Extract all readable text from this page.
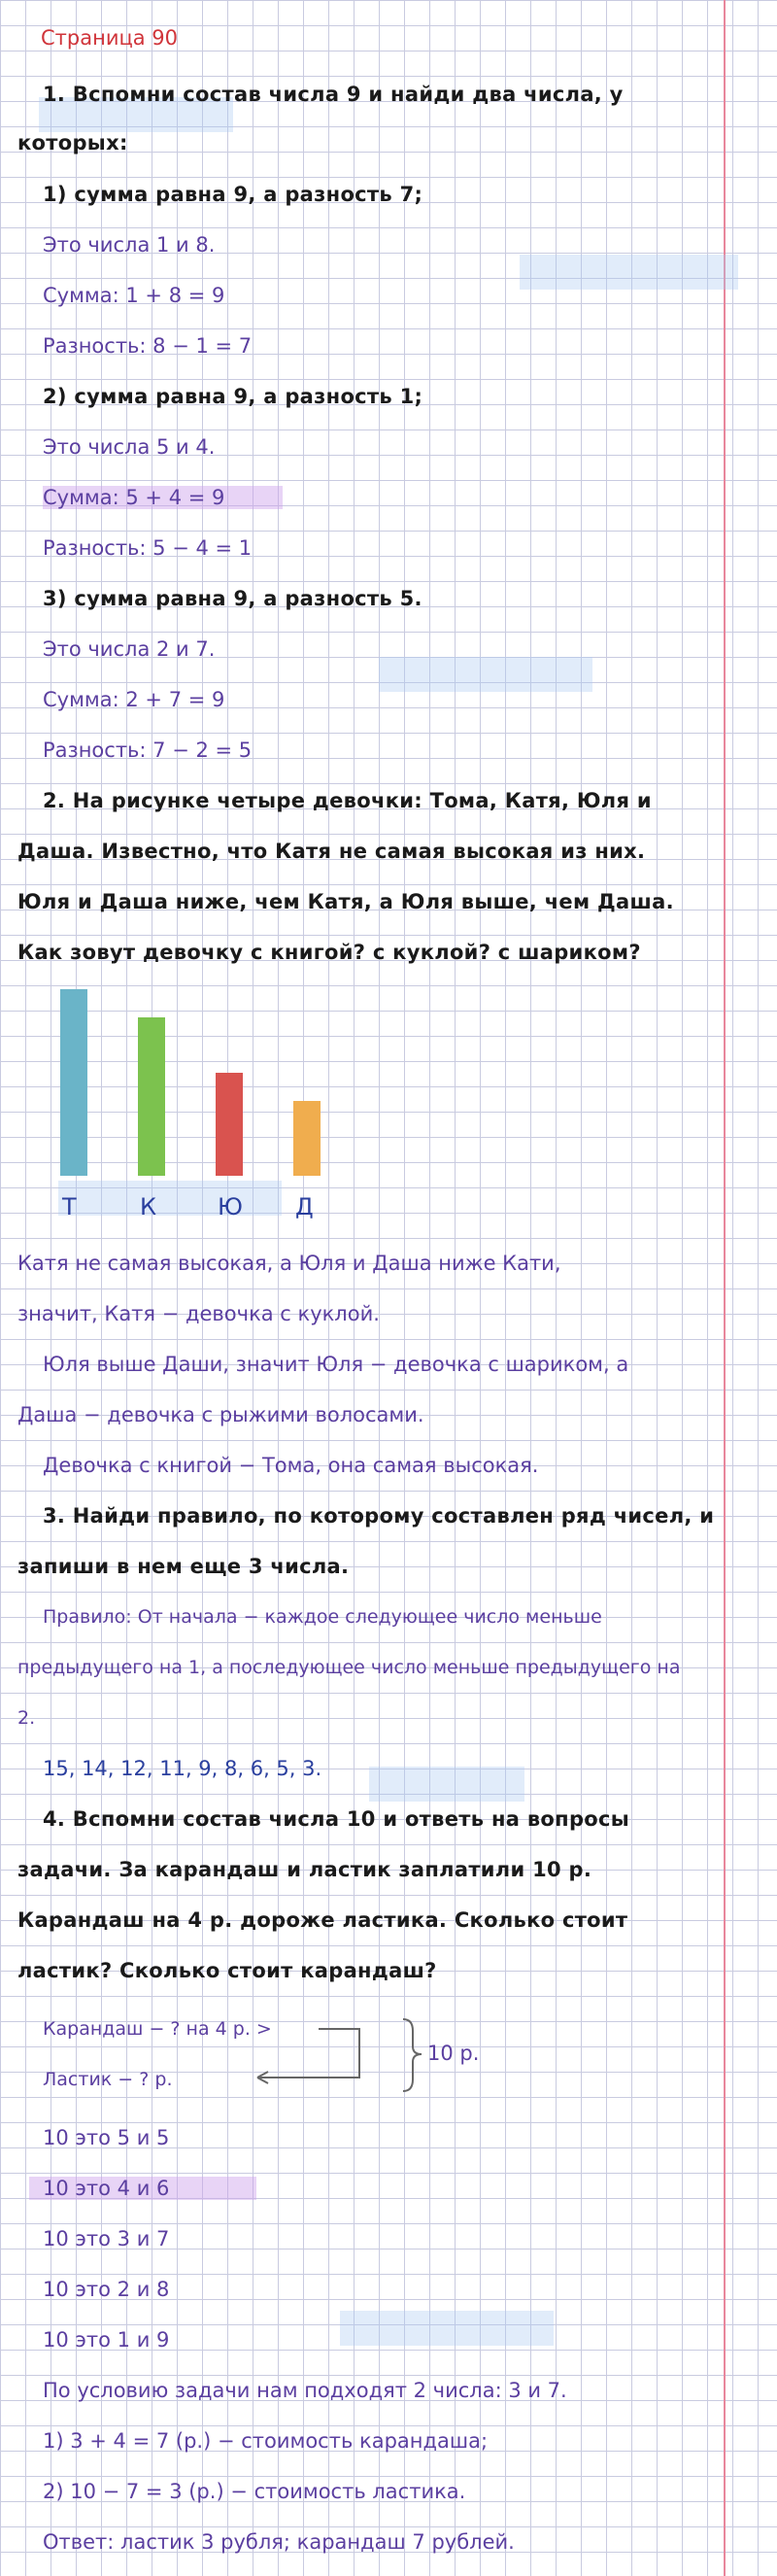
Страница 90
1. Вспомни состав числа 9 и найди два числа, у
которых:
1) сумма равна 9, а разность 7;
Это числа 1 и 8.
Сумма: 1 + 8 = 9
Разность: 8 − 1 = 7
2) сумма равна 9, а разность 1;
Это числа 5 и 4.
Сумма: 5 + 4 = 9
Разность: 5 − 4 = 1
3) сумма равна 9, а разность 5.
Это числа 2 и 7.
Сумма: 2 + 7 = 9
Разность: 7 − 2 = 5
2. На рисунке четыре девочки: Тома, Катя, Юля и
Даша. Известно, что Катя не самая высокая из них.
Юля и Даша ниже, чем Катя, а Юля выше, чем Даша.
Как зовут девочку с книгой? с куклой? с шариком?
Т	К	Ю Д
Катя не самая высокая, а Юля и Даша ниже Кати,
значит, Катя − девочка с куклой.
Юля выше Даши, значит Юля − девочка с шариком, а
Даша − девочка с рыжими волосами.
Девочка с книгой − Тома, она самая высокая.
3. Найди правило, по которому составлен ряд чисел, и
запиши в нем еще 3 числа.
Правило: От начала − каждое следующее число меньше
предыдущего на 1, а последующее число меньше предыдущего на
2.
15, 14, 12, 11, 9, 8, 6, 5, 3.
4. Вспомни состав числа 10 и ответь на вопросы
задачи. За карандаш и ластик заплатили 10 р.
Карандаш на 4 р. дороже ластика. Сколько стоит
ластик? Сколько стоит карандаш?
Карандаш − ? на 4 р. >
Ластик − ? р.
10 р.
10 это 5 и 5
10 это 4 и 6
10 это 3 и 7
10 это 2 и 8
10 это 1 и 9
По условию задачи нам подходят 2 числа: 3 и 7.
1) 3 + 4 = 7 (р.) − стоимость карандаша;
2) 10 − 7 = 3 (р.) − стоимость ластика.
Ответ: ластик 3 рубля; карандаш 7 рублей.
